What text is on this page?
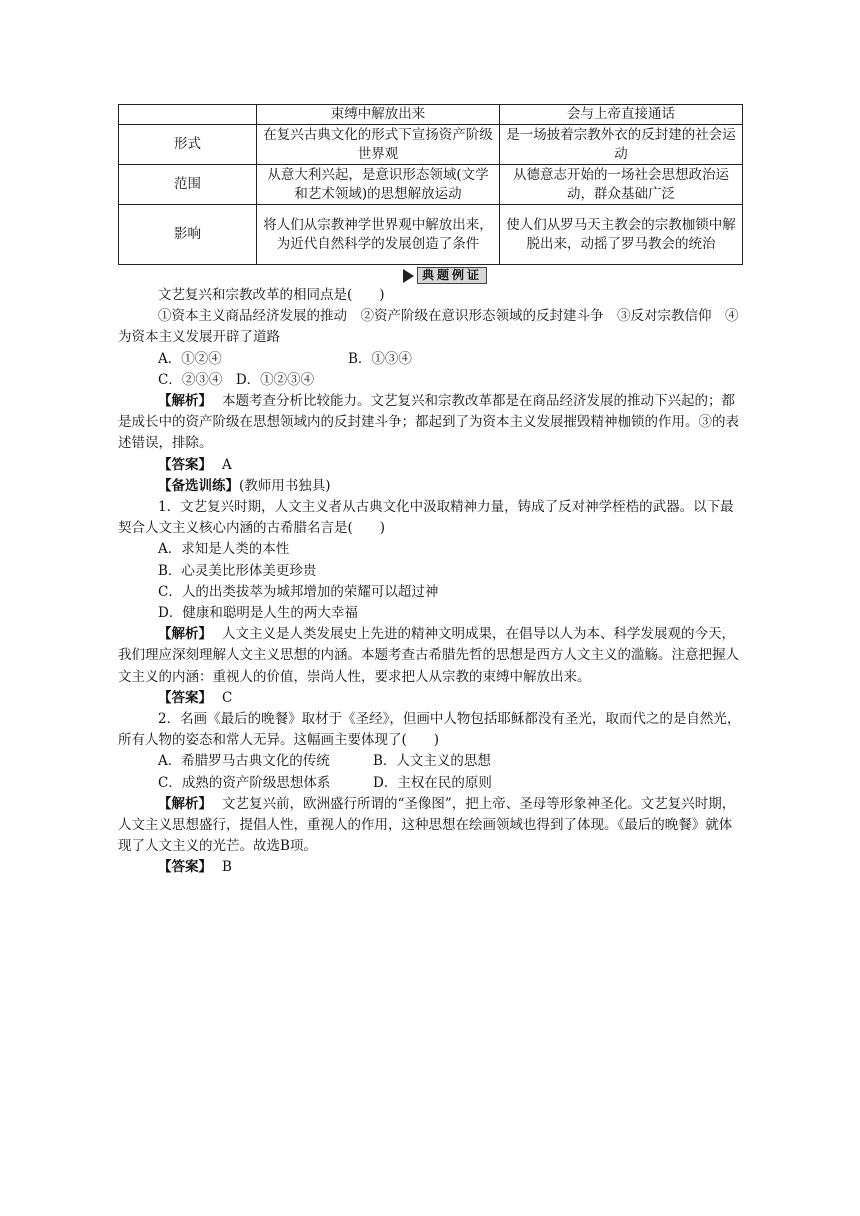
	束缚中解放出来	会与上帝直接通话
形式	在复兴古典文化的形式下宣扬资产阶级世界观	是一场披着宗教外衣的反封建的社会运动
范围	从意大利兴起，是意识形态领域(文学和艺术领域)的思想解放运动	从德意志开始的一场社会思想政治运动，群众基础广泛
影响	将人们从宗教神学世界观中解放出来，为近代自然科学的发展创造了条件	使人们从罗马天主教会的宗教枷锁中解脱出来，动摇了罗马教会的统治
典题例证

文艺复兴和宗教改革的相同点是(　　)

①资本主义商品经济发展的推动　②资产阶级在意识形态领域的反封建斗争　③反对宗教信仰　④为资本主义发展开辟了道路

A．①②④	B．①③④

C．②③④　D．①②③④

【解析】 本题考查分析比较能力。文艺复兴和宗教改革都是在商品经济发展的推动下兴起的；都是成长中的资产阶级在思想领域内的反封建斗争；都起到了为资本主义发展摧毁精神枷锁的作用。③的表述错误，排除。

【答案】 A

【备选训练】(教师用书独具)

1．文艺复兴时期，人文主义者从古典文化中汲取精神力量，铸成了反对神学桎梏的武器。以下最契合人文主义核心内涵的古希腊名言是(　　)

A．求知是人类的本性

B．心灵美比形体美更珍贵

C．人的出类拔萃为城邦增加的荣耀可以超过神

D．健康和聪明是人生的两大幸福

【解析】 人文主义是人类发展史上先进的精神文明成果，在倡导以人为本、科学发展观的今天，我们理应深刻理解人文主义思想的内涵。本题考查古希腊先哲的思想是西方人文主义的滥觞。注意把握人文主义的内涵：重视人的价值，崇尚人性，要求把人从宗教的束缚中解放出来。

【答案】 C

2．名画《最后的晚餐》取材于《圣经》，但画中人物包括耶稣都没有圣光，取而代之的是自然光，所有人物的姿态和常人无异。这幅画主要体现了(　　)

A．希腊罗马古典文化的传统	B．人文主义的思想
C．成熟的资产阶级思想体系	D．主权在民的原则

【解析】 文艺复兴前，欧洲盛行所谓的“圣像图”，把上帝、圣母等形象神圣化。文艺复兴时期，人文主义思想盛行，提倡人性，重视人的作用，这种思想在绘画领域也得到了体现。《最后的晚餐》就体现了人文主义的光芒。故选B项。

【答案】 B
